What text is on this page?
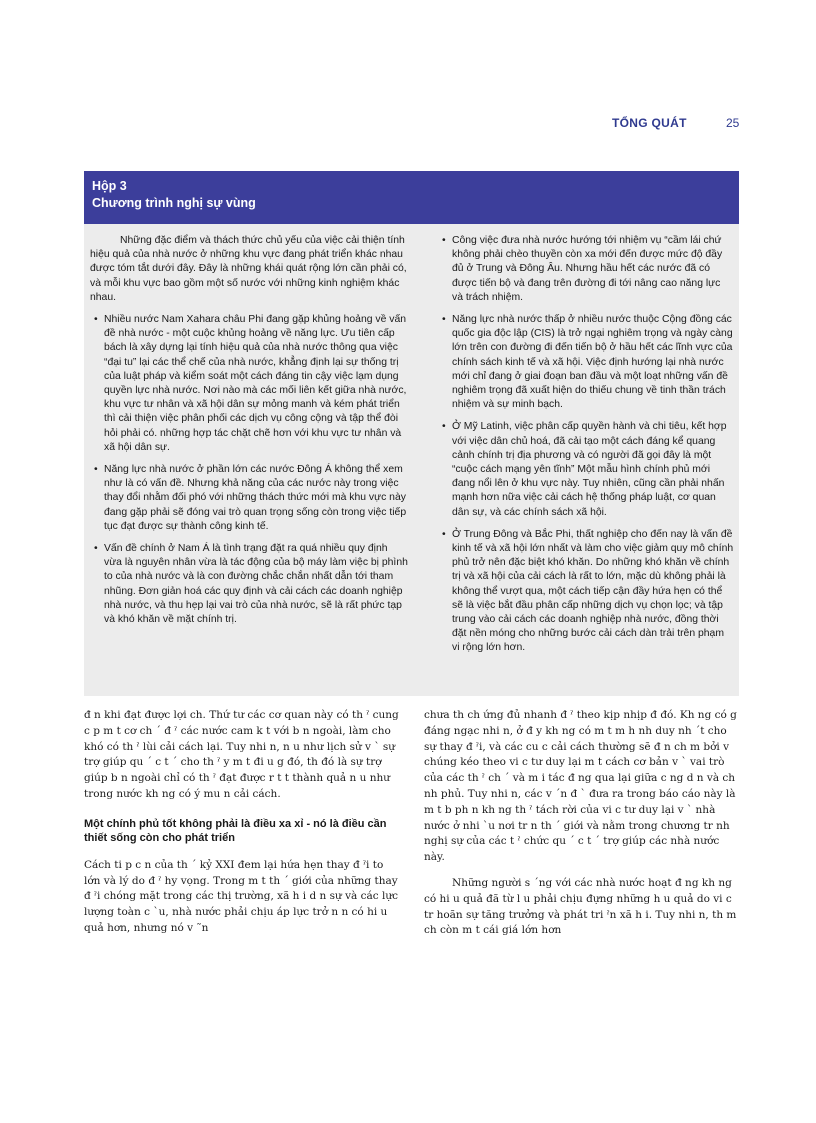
TỔNG QUÁT	25
Hộp 3
Chương trình nghị sự vùng

Những đặc điểm và thách thức chủ yếu của việc cải thiện tính hiệu quả của nhà nước ở những khu vực đang phát triển khác nhau được tóm tắt dưới đây. Đây là những khái quát rộng lớn cần phải có, và mỗi khu vực bao gồm một số nước với những kinh nghiệm khác nhau.

• Nhiều nước Nam Xahara châu Phi đang gặp khủng hoảng về vấn đề nhà nước - một cuộc khủng hoảng về năng lực. Ưu tiên cấp bách là xây dựng lại tính hiệu quả của nhà nước thông qua việc “đại tu” lại các thể chế của nhà nước, khẳng định lại sự thống trị của luật pháp và kiểm soát một cách đáng tin cậy việc lạm dụng quyền lực nhà nước. Nơi nào mà các mối liên kết giữa nhà nước, khu vực tư nhân và xã hội dân sự mỏng manh và kém phát triển thì cải thiện việc phân phối các dịch vụ công cộng và tập thể đòi hỏi phải có. những hợp tác chặt chẽ hơn với khu vực tư nhân và xã hội dân sự.

• Năng lực nhà nước ở phần lớn các nước Đông Á không thể xem như là có vấn đề. Nhưng khả năng của các nước này trong việc thay đổi nhằm đối phó với những thách thức mới mà khu vực này đang gặp phải sẽ đóng vai trò quan trọng sống còn trong việc tiếp tục đạt được sự thành công kinh tế.

• Vấn đề chính ở Nam Á là tình trạng đặt ra quá nhiều quy định vừa là nguyên nhân vừa là tác động của bộ máy làm việc bị phình to của nhà nước và là con đường chắc chắn nhất dẫn tới tham nhũng. Đơn giản hoá các quy định và cải cách các doanh nghiệp nhà nước, và thu hẹp lại vai trò của nhà nước, sẽ là rất phức tạp và khó khăn về mặt chính trị.

• Công việc đưa nhà nước hướng tới nhiệm vụ “cầm lái chứ không phải chèo thuyền còn xa mới đến được mức độ đầy đủ ở Trung và Đông Âu. Nhưng hầu hết các nước đã có được tiến bộ và đang trên đường đi tới nâng cao năng lực và trách nhiệm.

• Năng lực nhà nước thấp ở nhiều nước thuộc Cộng đồng các quốc gia độc lập (CIS) là trở ngại nghiêm trọng và ngày càng lớn trên con đường đi đến tiến bộ ở hầu hết các lĩnh vực của chính sách kinh tế và xã hội. Việc định hướng lại nhà nước mới chỉ đang ở giai đoạn ban đầu và một loạt những vấn đề nghiêm trọng đã xuất hiện do thiếu chung về tinh thần trách nhiệm và sự minh bạch.

• Ở Mỹ Latinh, việc phân cấp quyền hành và chi tiêu, kết hợp với việc dân chủ hoá, đã cải tạo một cách đáng kể quang cảnh chính trị địa phương và có người đã gọi đây là một “cuộc cách mạng yên tĩnh” Một mẫu hình chính phủ mới đang nổi lên ở khu vực này. Tuy nhiên, cũng cần phải nhấn mạnh hơn nữa việc cải cách hệ thống pháp luật, cơ quan dân sự, và các chính sách xã hội.

• Ở Trung Đông và Bắc Phi, thất nghiệp cho đến nay là vấn đề kinh tế và xã hội lớn nhất và làm cho việc giảm quy mô chính phủ trở nên đặc biệt khó khăn. Do những khó khăn về chính trị và xã hội của cải cách là rất to lớn, mặc dù không phải là không thể vượt qua, một cách tiếp cận đầy hứa hẹn có thể sẽ là việc bắt đầu phân cấp những dịch vụ chọn lọc; và tập trung vào cải cách các doanh nghiệp nhà nước, đồng thời đặt nền móng cho những bước cải cách dàn trải trên phạm vi rộng lớn hơn.

đ n khi đạt được lợi ch. Thứ tư các cơ quan này có th ˀ cung c p m t cơ ch ˊ đ ˀ các nước cam k t với b n ngoài, làm cho khó có th ˀ lùi cải cách lại. Tuy nhi n, n u như lịch sử v ˋ sự trợ giúp qu ˊ c t ˊ cho th ˀ y m t đi u g đó, th đó là sự trợ giúp b n ngoài chỉ có th ˀ đạt được r t t thành quả n u như trong nước kh ng có ý mu n cải cách.

Một chính phủ tốt không phải là điều xa xỉ - nó là điều cần thiết sống còn cho phát triển

Cách ti p c n của th ˊ kỷ XXI đem lại hứa hẹn thay đ ˀi to lớn và lý do đ ˀ hy vọng. Trong m t th ˊ giới của những thay đ ˀi chóng mặt trong các thị trường, xã h i d n sự và các lực lượng toàn c ˋu, nhà nước phải chịu áp lực trở n n có hi u quả hơn, nhưng nó v ˜n

chưa th ch ứng đủ nhanh đ ˀ theo kịp nhịp đ đó. Kh ng có g đáng ngạc nhi n, ở đ y kh ng có m t m h nh duy nh ˊt cho sự thay đ ˀi, và các cu c cải cách thường sẽ đ n ch m bởi v chúng kéo theo vi c tư duy lại m t cách cơ bản v ˋ vai trò của các th ˀ ch ˊ và m i tác đ ng qua lại giữa c ng d n và ch nh phủ. Tuy nhi n, các v ˊn đ ˋ đưa ra trong báo cáo này là m t b ph n kh ng th ˀ tách rời của vi c tư duy lại v ˋ nhà nước ở nhi ˋu nơi tr n th ˊ giới và nằm trong chương tr nh nghị sự của các t ˀ chức qu ˊ c t ˊ trợ giúp các nhà nước này.

Những người s ˊng với các nhà nước hoạt đ ng kh ng có hi u quả đã từ l u phải chịu đựng những h u quả do vi c tr hoãn sự tăng trưởng và phát tri ˀn xã h i. Tuy nhi n, th m ch còn m t cái giá lớn hơn
